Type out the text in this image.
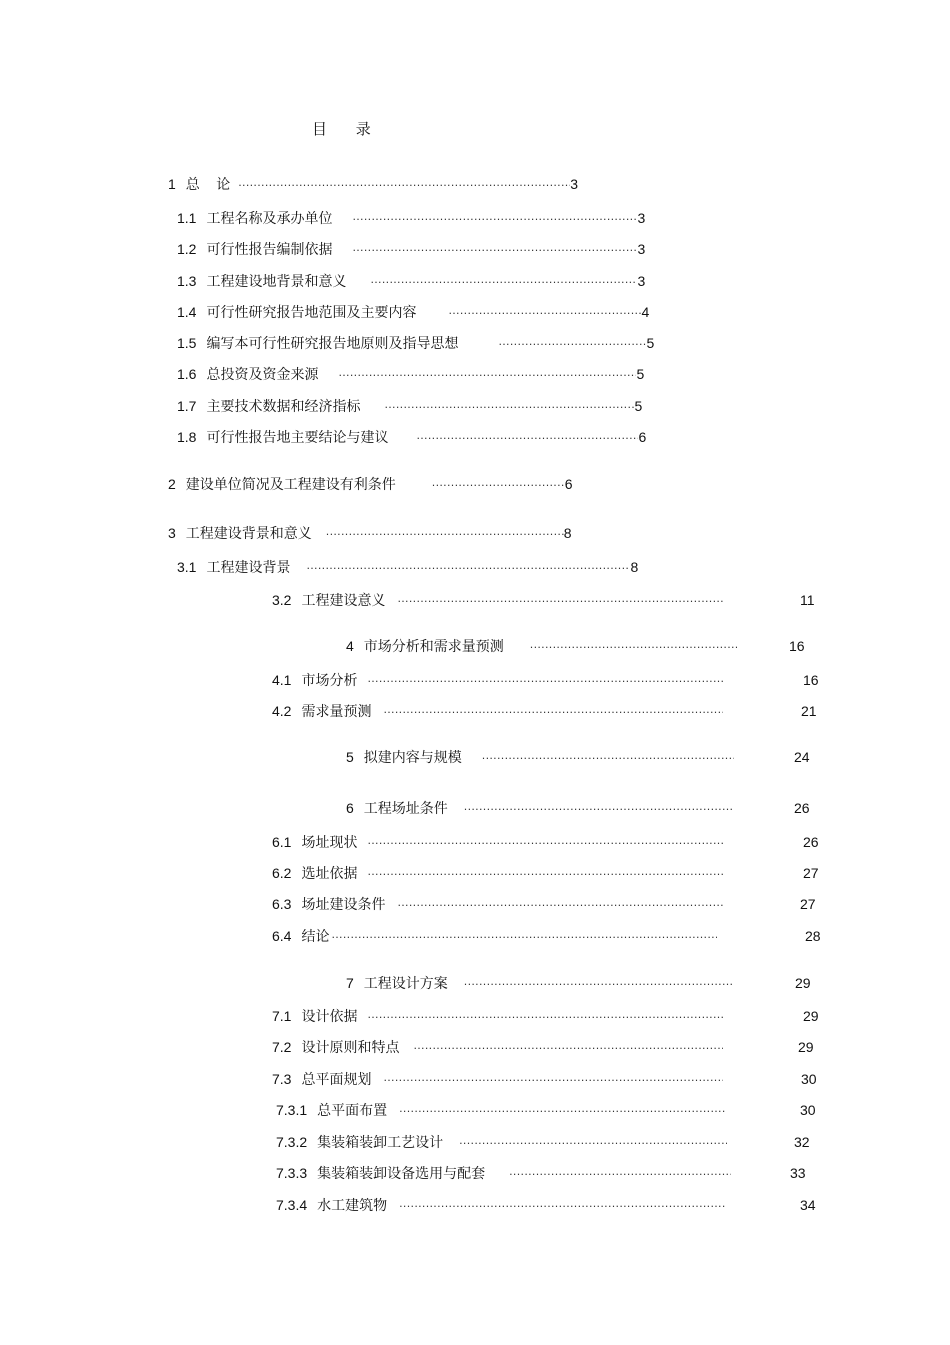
目 录
1 总 论 ·····	3
1.1 工程名称及承办单位 ·····	3
1.2 可行性报告编制依据 ·····	3
1.3 工程建设地背景和意义 ·····	3
1.4 可行性研究报告地范围及主要内容 ·····	4
1.5 编写本可行性研究报告地原则及指导思想 ·····	5
1.6 总投资及资金来源 ·····	5
1.7 主要技术数据和经济指标 ·····	5
1.8 可行性报告地主要结论与建议 ·····	6
2 建设单位简况及工程建设有利条件 ·····	6
3 工程建设背景和意义 ·····	8
3.1 工程建设背景 ·····	8
3.2 工程建设意义 ·····	11
4 市场分析和需求量预测 ·····	16
4.1 市场分析 ·····	16
4.2 需求量预测 ·····	21
5 拟建内容与规模 ·····	24
6 工程场址条件 ·····	26
6.1 场址现状 ·····	26
6.2 选址依据 ·····	27
6.3 场址建设条件 ·····	27
6.4 结论 ·····	28
7 工程设计方案 ·····	29
7.1 设计依据 ·····	29
7.2 设计原则和特点 ·····	29
7.3 总平面规划 ·····	30
7.3.1 总平面布置 ·····	30
7.3.2 集装箱装卸工艺设计 ·····	32
7.3.3 集装箱装卸设备选用与配套 ·····	33
7.3.4 水工建筑物 ·····	34
